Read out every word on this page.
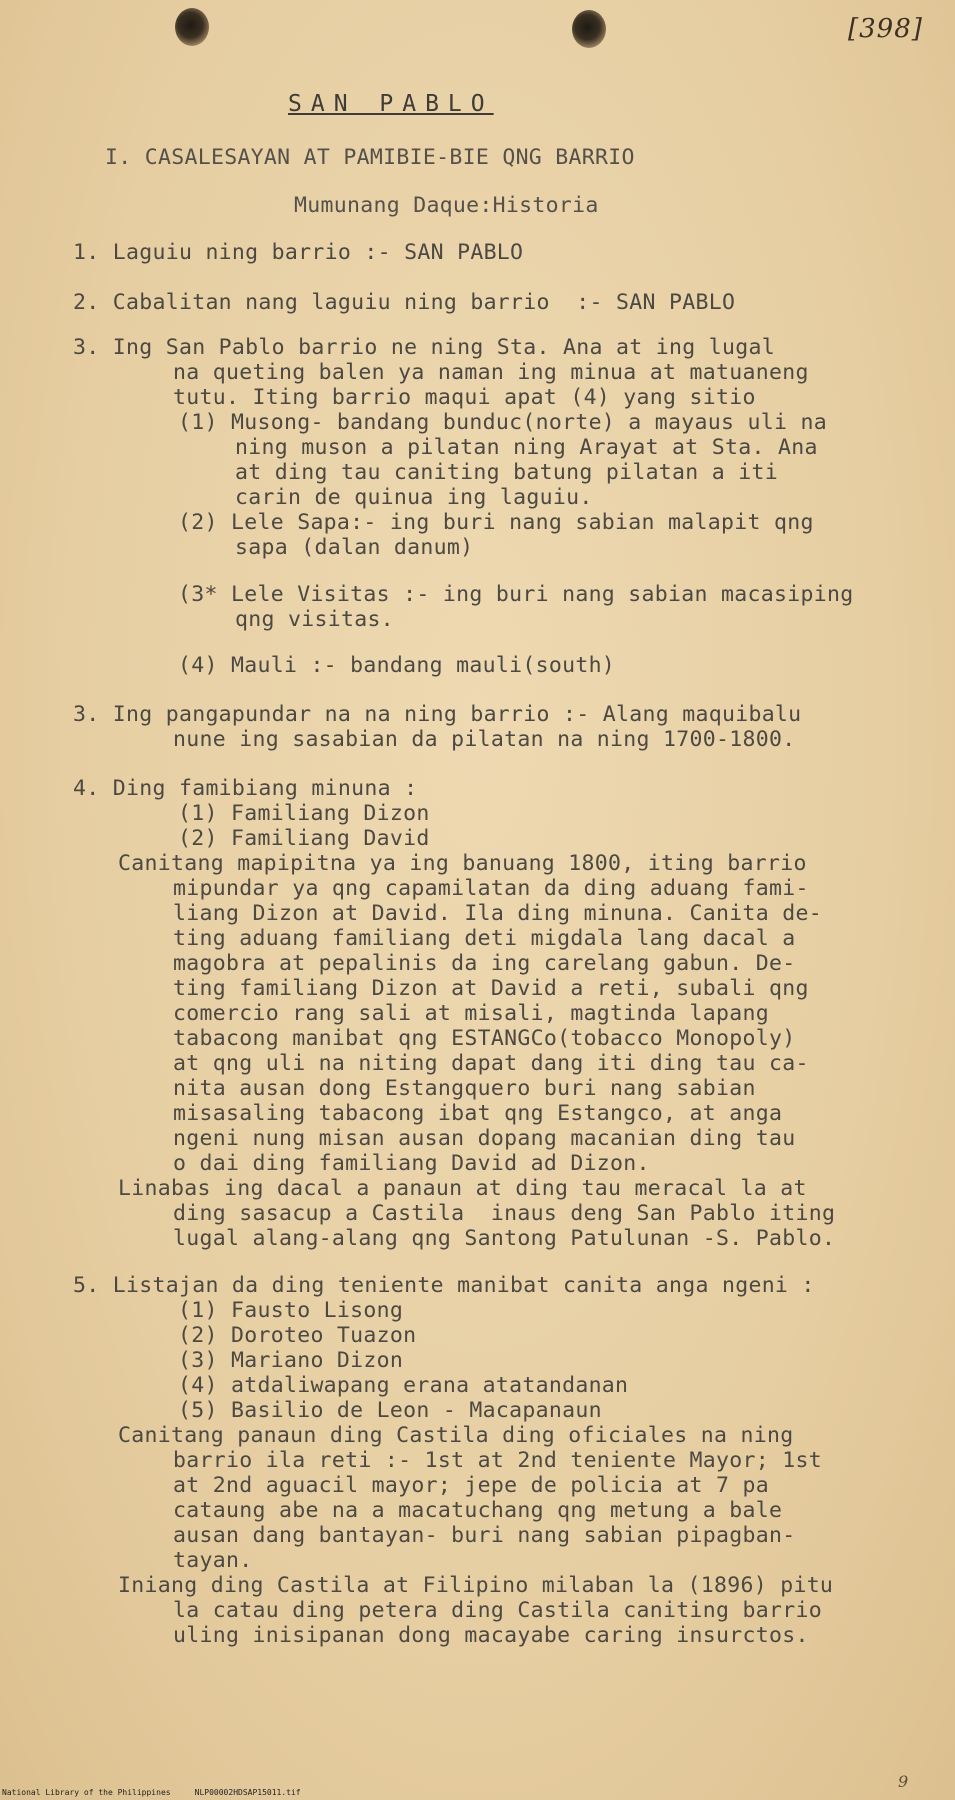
[398]
SAN PABLO
I. CASALESAYAN AT PAMIBIE-BIE QNG BARRIO
Mumunang Daque:Historia
1. Laguiu ning barrio :- SAN PABLO
2. Cabalitan nang laguiu ning barrio  :- SAN PABLO
3. Ing San Pablo barrio ne ning Sta. Ana at ing lugal
na queting balen ya naman ing minua at matuaneng
tutu. Iting barrio maqui apat (4) yang sitio
(1) Musong- bandang bunduc(norte) a mayaus uli na
ning muson a pilatan ning Arayat at Sta. Ana
at ding tau caniting batung pilatan a iti
carin de quinua ing laguiu.
(2) Lele Sapa:- ing buri nang sabian malapit qng
sapa (dalan danum)
(3* Lele Visitas :- ing buri nang sabian macasiping
qng visitas.
(4) Mauli :- bandang mauli(south)
3. Ing pangapundar na na ning barrio :- Alang maquibalu
nune ing sasabian da pilatan na ning 1700-1800.
4. Ding famibiang minuna :
(1) Familiang Dizon
(2) Familiang David
Canitang mapipitna ya ing banuang 1800, iting barrio
mipundar ya qng capamilatan da ding aduang fami-
liang Dizon at David. Ila ding minuna. Canita de-
ting aduang familiang deti migdala lang dacal a
magobra at pepalinis da ing carelang gabun. De-
ting familiang Dizon at David a reti, subali qng
comercio rang sali at misali, magtinda lapang
tabacong manibat qng ESTANGCo(tobacco Monopoly)
at qng uli na niting dapat dang iti ding tau ca-
nita ausan dong Estangquero buri nang sabian
misasaling tabacong ibat qng Estangco, at anga
ngeni nung misan ausan dopang macanian ding tau
o dai ding familiang David ad Dizon.
Linabas ing dacal a panaun at ding tau meracal la at
ding sasacup a Castila  inaus deng San Pablo iting
lugal alang-alang qng Santong Patulunan -S. Pablo.
5. Listajan da ding teniente manibat canita anga ngeni :
(1) Fausto Lisong
(2) Doroteo Tuazon
(3) Mariano Dizon
(4) atdaliwapang erana atatandanan
(5) Basilio de Leon - Macapanaun
Canitang panaun ding Castila ding oficiales na ning
barrio ila reti :- 1st at 2nd teniente Mayor; 1st
at 2nd aguacil mayor; jepe de policia at 7 pa
cataung abe na a macatuchang qng metung a bale
ausan dang bantayan- buri nang sabian pipagban-
tayan.
Iniang ding Castila at Filipino milaban la (1896) pitu
la catau ding petera ding Castila caniting barrio
uling inisipanan dong macayabe caring insurctos.
National Library of the Philippines     NLP00002HDSAP15011.tif
9
